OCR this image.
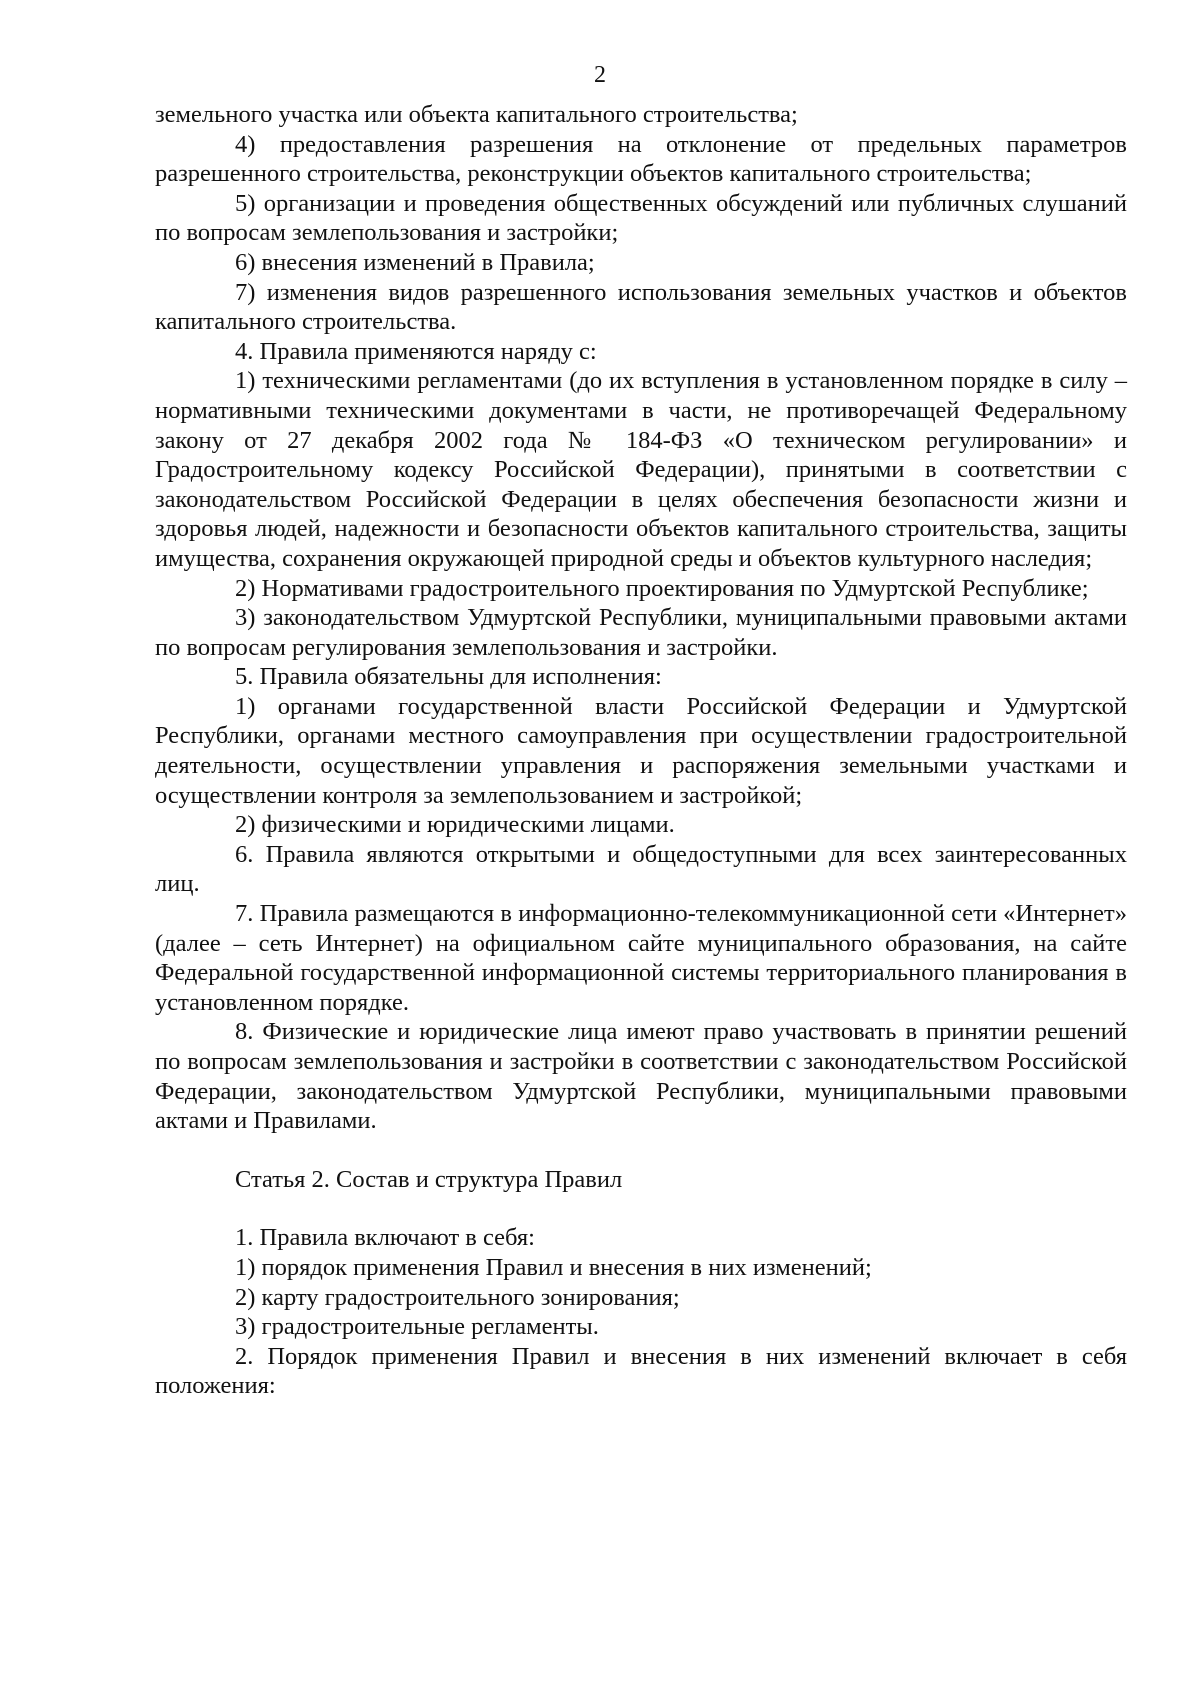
2

земельного участка или объекта капитального строительства;

4) предоставления разрешения на отклонение от предельных параметров разрешенного строительства, реконструкции объектов капитального строительства;

5) организации и проведения общественных обсуждений или публичных слушаний по вопросам землепользования и застройки;

6) внесения изменений в Правила;

7) изменения видов разрешенного использования земельных участков и объектов капитального строительства.

4. Правила применяются наряду с:

1) техническими регламентами (до их вступления в установленном порядке в силу – нормативными техническими документами в части, не противоречащей Федеральному закону от 27 декабря 2002 года № 184-ФЗ «О техническом регулировании» и Градостроительному кодексу Российской Федерации), принятыми в соответствии с законодательством Российской Федерации в целях обеспечения безопасности жизни и здоровья людей, надежности и безопасности объектов капитального строительства, защиты имущества, сохранения окружающей природной среды и объектов культурного наследия;

2) Нормативами градостроительного проектирования по Удмуртской Республике;

3) законодательством Удмуртской Республики, муниципальными правовыми актами по вопросам регулирования землепользования и застройки.

5. Правила обязательны для исполнения:

1) органами государственной власти Российской Федерации и Удмуртской Республики, органами местного самоуправления при осуществлении градостроительной деятельности, осуществлении управления и распоряжения земельными участками и осуществлении контроля за землепользованием и застройкой;

2) физическими и юридическими лицами.

6. Правила являются открытыми и общедоступными для всех заинтересованных лиц.

7. Правила размещаются в информационно-телекоммуникационной сети «Интернет» (далее – сеть Интернет) на официальном сайте муниципального образования, на сайте Федеральной государственной информационной системы территориального планирования в установленном порядке.

8. Физические и юридические лица имеют право участвовать в принятии решений по вопросам землепользования и застройки в соответствии с законодательством Российской Федерации, законодательством Удмуртской Республики, муниципальными правовыми актами и Правилами.

Статья 2. Состав и структура Правил

1. Правила включают в себя:

1) порядок применения Правил и внесения в них изменений;

2) карту градостроительного зонирования;

3) градостроительные регламенты.

2. Порядок применения Правил и внесения в них изменений включает в себя положения:
